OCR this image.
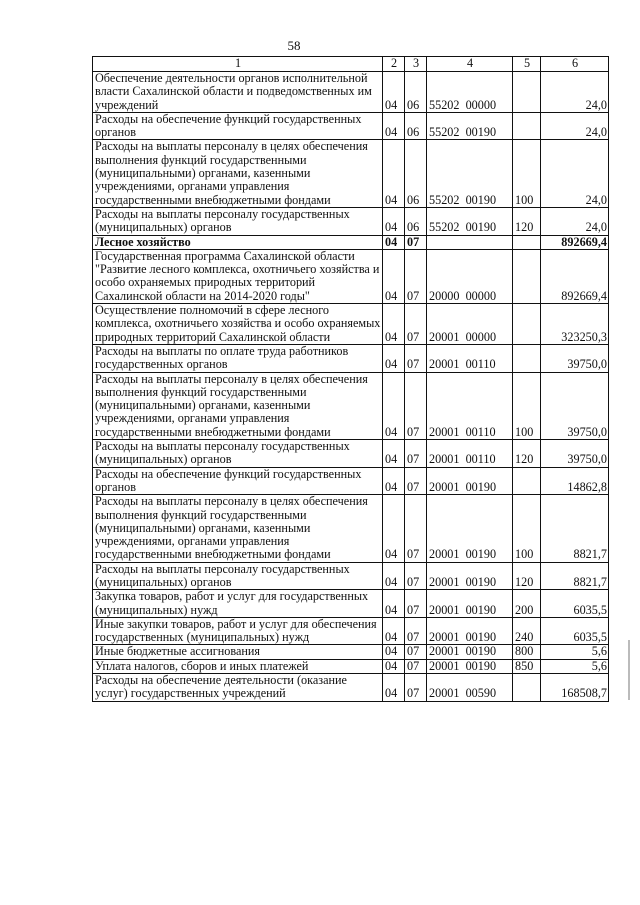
58
1	2	3	4	5	6
Обеспечение деятельности органов исполнительной власти Сахалинской области и подведомственных им учреждений	04	06	55202  00000		24,0
Расходы на обеспечение функций государственных органов	04	06	55202  00190		24,0
Расходы на выплаты персоналу в целях обеспечения выполнения функций государственными (муниципальными) органами, казенными учреждениями, органами управления государственными внебюджетными фондами	04	06	55202  00190	100	24,0
Расходы на выплаты персоналу государственных (муниципальных) органов	04	06	55202  00190	120	24,0
Лесное хозяйство	04	07			892669,4
Государственная программа Сахалинской области "Развитие лесного комплекса, охотничьего хозяйства и особо охраняемых природных территорий Сахалинской области на 2014-2020 годы"	04	07	20000  00000		892669,4
Осуществление полномочий в сфере лесного комплекса, охотничьего хозяйства и особо охраняемых природных территорий Сахалинской области	04	07	20001  00000		323250,3
Расходы на выплаты по оплате труда работников государственных органов	04	07	20001  00110		39750,0
Расходы на выплаты персоналу в целях обеспечения выполнения функций государственными (муниципальными) органами, казенными учреждениями, органами управления государственными внебюджетными фондами	04	07	20001  00110	100	39750,0
Расходы на выплаты персоналу государственных (муниципальных) органов	04	07	20001  00110	120	39750,0
Расходы на обеспечение функций государственных органов	04	07	20001  00190		14862,8
Расходы на выплаты персоналу в целях обеспечения выполнения функций государственными (муниципальными) органами, казенными учреждениями, органами управления государственными внебюджетными фондами	04	07	20001  00190	100	8821,7
Расходы на выплаты персоналу государственных (муниципальных) органов	04	07	20001  00190	120	8821,7
Закупка товаров, работ и услуг для государственных (муниципальных) нужд	04	07	20001  00190	200	6035,5
Иные закупки товаров, работ и услуг для обеспечения государственных (муниципальных) нужд	04	07	20001  00190	240	6035,5
Иные бюджетные ассигнования	04	07	20001  00190	800	5,6
Уплата налогов, сборов и иных платежей	04	07	20001  00190	850	5,6
Расходы на обеспечение деятельности (оказание услуг) государственных учреждений	04	07	20001  00590		168508,7
